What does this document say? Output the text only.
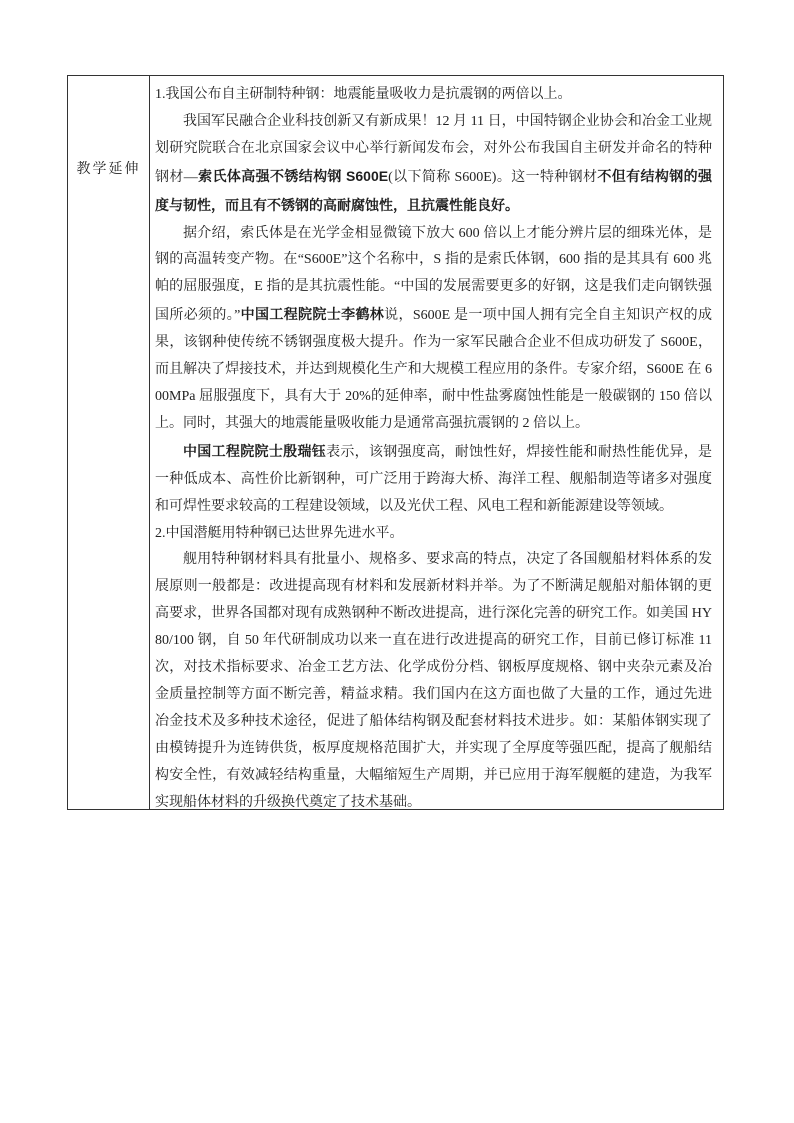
教学延伸

1.我国公布自主研制特种钢：地震能量吸收力是抗震钢的两倍以上。

我国军民融合企业科技创新又有新成果！12 月 11 日，中国特钢企业协会和冶金工业规划研究院联合在北京国家会议中心举行新闻发布会，对外公布我国自主研发并命名的特种钢材—索氏体高强不锈结构钢 S600E(以下简称 S600E)。这一特种钢材不但有结构钢的强度与韧性，而且有不锈钢的高耐腐蚀性，且抗震性能良好。

据介绍，索氏体是在光学金相显微镜下放大 600 倍以上才能分辨片层的细珠光体，是钢的高温转变产物。在“S600E”这个名称中，S 指的是索氏体钢，600 指的是其具有 600 兆帕的屈服强度，E 指的是其抗震性能。“中国的发展需要更多的好钢，这是我们走向钢铁强国所必须的。”中国工程院院士李鹤林说，S600E 是一项中国人拥有完全自主知识产权的成果，该钢种使传统不锈钢强度极大提升。作为一家军民融合企业不但成功研发了 S600E，而且解决了焊接技术，并达到规模化生产和大规模工程应用的条件。专家介绍，S600E 在 600MPa 屈服强度下，具有大于 20%的延伸率，耐中性盐雾腐蚀性能是一般碳钢的 150 倍以上。同时，其强大的地震能量吸收能力是通常高强抗震钢的 2 倍以上。

中国工程院院士殷瑞钰表示，该钢强度高，耐蚀性好，焊接性能和耐热性能优异，是一种低成本、高性价比新钢种，可广泛用于跨海大桥、海洋工程、舰船制造等诸多对强度和可焊性要求较高的工程建设领域，以及光伏工程、风电工程和新能源建设等领域。

2.中国潜艇用特种钢已达世界先进水平。

舰用特种钢材料具有批量小、规格多、要求高的特点，决定了各国舰船材料体系的发展原则一般都是：改进提高现有材料和发展新材料并举。为了不断满足舰船对船体钢的更高要求，世界各国都对现有成熟钢种不断改进提高，进行深化完善的研究工作。如美国 HY80/100 钢，自 50 年代研制成功以来一直在进行改进提高的研究工作，目前已修订标准 11 次，对技术指标要求、冶金工艺方法、化学成份分档、钢板厚度规格、钢中夹杂元素及冶金质量控制等方面不断完善，精益求精。我们国内在这方面也做了大量的工作，通过先进冶金技术及多种技术途径，促进了船体结构钢及配套材料技术进步。如：某船体钢实现了由模铸提升为连铸供货，板厚度规格范围扩大，并实现了全厚度等强匹配，提高了舰船结构安全性，有效减轻结构重量，大幅缩短生产周期，并已应用于海军舰艇的建造，为我军实现船体材料的升级换代奠定了技术基础。
